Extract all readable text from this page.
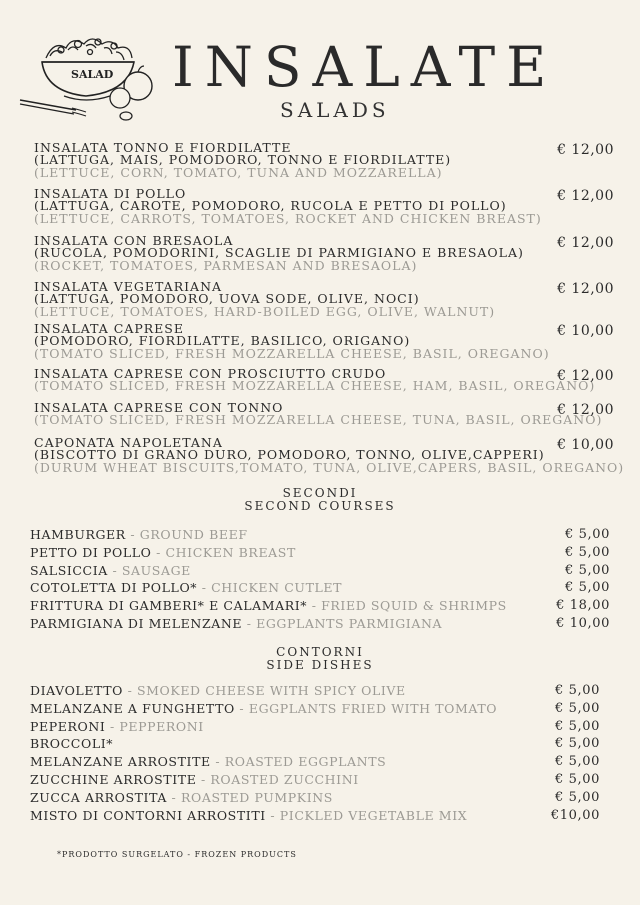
SALAD INSALATE
SALADS
INSALATA TONNO E FIORDILATTE
(LATTUGA, MAIS, POMODORO, TONNO E FIORDILATTE)
(LETTUCE, CORN, TOMATO, TUNA AND MOZZARELLA)
€ 12,00
INSALATA DI POLLO
(LATTUGA, CAROTE, POMODORO, RUCOLA E PETTO DI POLLO)
(LETTUCE, CARROTS, TOMATOES, ROCKET AND CHICKEN BREAST)
€ 12,00
INSALATA CON BRESAOLA
(RUCOLA, POMODORINI, SCAGLIE DI PARMIGIANO E BRESAOLA)
(ROCKET, TOMATOES, PARMESAN AND BRESAOLA)
€ 12,00
INSALATA VEGETARIANA
(LATTUGA, POMODORO, UOVA SODE, OLIVE, NOCI)
(LETTUCE, TOMATOES, HARD-BOILED EGG, OLIVE, WALNUT)
€ 12,00
INSALATA CAPRESE
(POMODORO, FIORDILATTE, BASILICO, ORIGANO)
(TOMATO SLICED, FRESH MOZZARELLA CHEESE, BASIL, OREGANO)
€ 10,00
INSALATA CAPRESE CON PROSCIUTTO CRUDO
(TOMATO SLICED, FRESH MOZZARELLA CHEESE, HAM, BASIL, OREGANO)
€ 12,00
INSALATA CAPRESE CON TONNO
(TOMATO SLICED, FRESH MOZZARELLA CHEESE, TUNA, BASIL, OREGANO)
€ 12,00
CAPONATA NAPOLETANA
(BISCOTTO DI GRANO DURO, POMODORO, TONNO, OLIVE,CAPPERI)
(DURUM WHEAT BISCUITS,TOMATO, TUNA, OLIVE,CAPERS, BASIL, OREGANO)
€ 10,00
SECONDI
SECOND COURSES
HAMBURGER - GROUND BEEF	€ 5,00
PETTO DI POLLO - CHICKEN BREAST	€ 5,00
SALSICCIA - SAUSAGE	€ 5,00
COTOLETTA DI POLLO* - CHICKEN CUTLET	€ 5,00
FRITTURA DI GAMBERI* E CALAMARI* - FRIED SQUID & SHRIMPS	€ 18,00
PARMIGIANA DI MELENZANE - EGGPLANTS PARMIGIANA	€ 10,00
CONTORNI
SIDE DISHES
DIAVOLETTO - SMOKED CHEESE WITH SPICY OLIVE	€ 5,00
MELANZANE A FUNGHETTO - EGGPLANTS FRIED WITH TOMATO	€ 5,00
PEPERONI - PEPPERONI	€ 5,00
BROCCOLI*	€ 5,00
MELANZANE ARROSTITE - ROASTED EGGPLANTS	€ 5,00
ZUCCHINE ARROSTITE - ROASTED ZUCCHINI	€ 5,00
ZUCCA ARROSTITA - ROASTED PUMPKINS	€ 5,00
MISTO DI CONTORNI ARROSTITI - PICKLED VEGETABLE MIX	€10,00
*PRODOTTO SURGELATO - FROZEN PRODUCTS
